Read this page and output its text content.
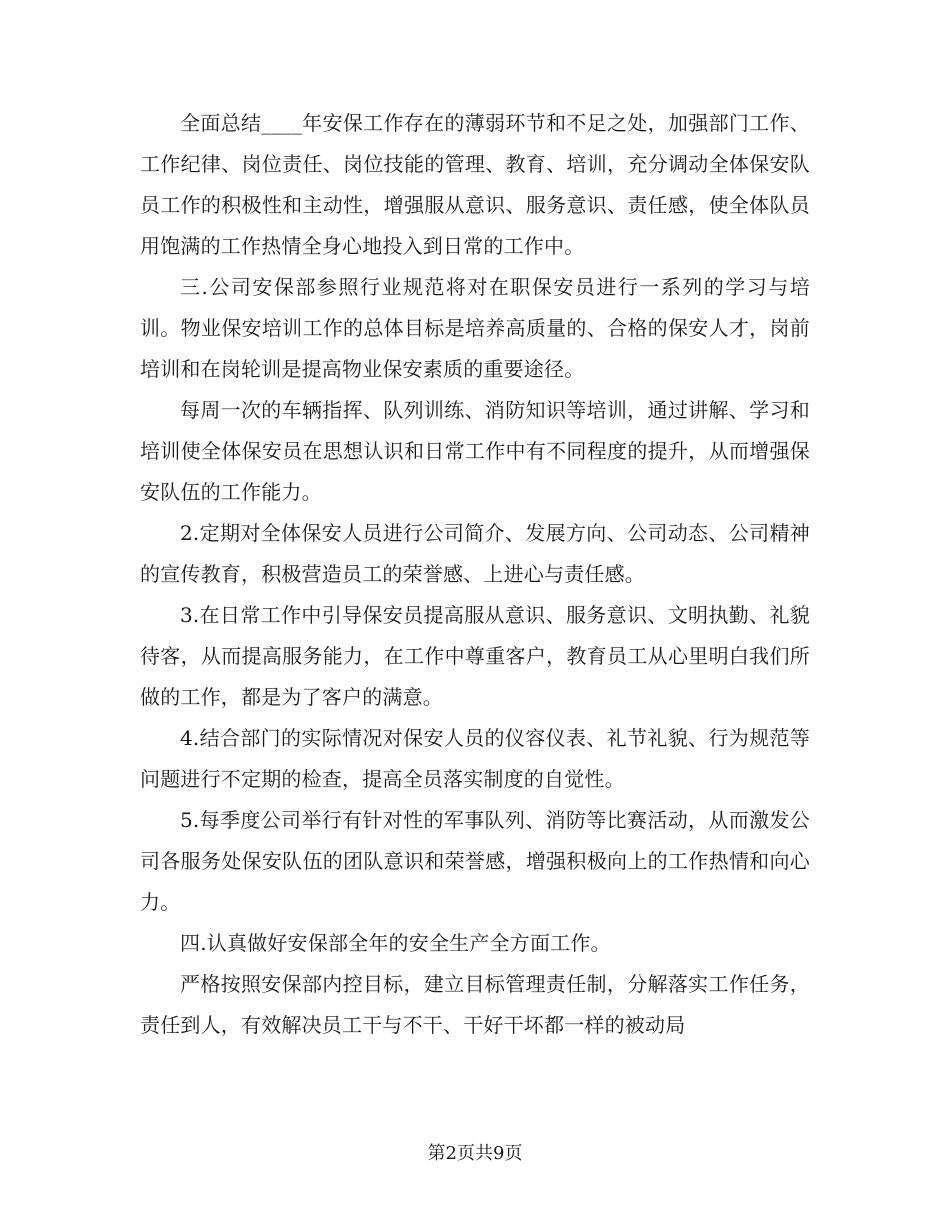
全面总结____年安保工作存在的薄弱环节和不足之处，加强部门工作、工作纪律、岗位责任、岗位技能的管理、教育、培训，充分调动全体保安队员工作的积极性和主动性，增强服从意识、服务意识、责任感，使全体队员用饱满的工作热情全身心地投入到日常的工作中。

三.公司安保部参照行业规范将对在职保安员进行一系列的学习与培训。物业保安培训工作的总体目标是培养高质量的、合格的保安人才，岗前培训和在岗轮训是提高物业保安素质的重要途径。

每周一次的车辆指挥、队列训练、消防知识等培训，通过讲解、学习和培训使全体保安员在思想认识和日常工作中有不同程度的提升，从而增强保安队伍的工作能力。

2.定期对全体保安人员进行公司简介、发展方向、公司动态、公司精神的宣传教育，积极营造员工的荣誉感、上进心与责任感。

3.在日常工作中引导保安员提高服从意识、服务意识、文明执勤、礼貌待客，从而提高服务能力，在工作中尊重客户，教育员工从心里明白我们所做的工作，都是为了客户的满意。

4.结合部门的实际情况对保安人员的仪容仪表、礼节礼貌、行为规范等问题进行不定期的检查，提高全员落实制度的自觉性。

5.每季度公司举行有针对性的军事队列、消防等比赛活动，从而激发公司各服务处保安队伍的团队意识和荣誉感，增强积极向上的工作热情和向心力。

四.认真做好安保部全年的安全生产全方面工作。

严格按照安保部内控目标，建立目标管理责任制，分解落实工作任务，责任到人，有效解决员工干与不干、干好干坏都一样的被动局

第2页共9页
